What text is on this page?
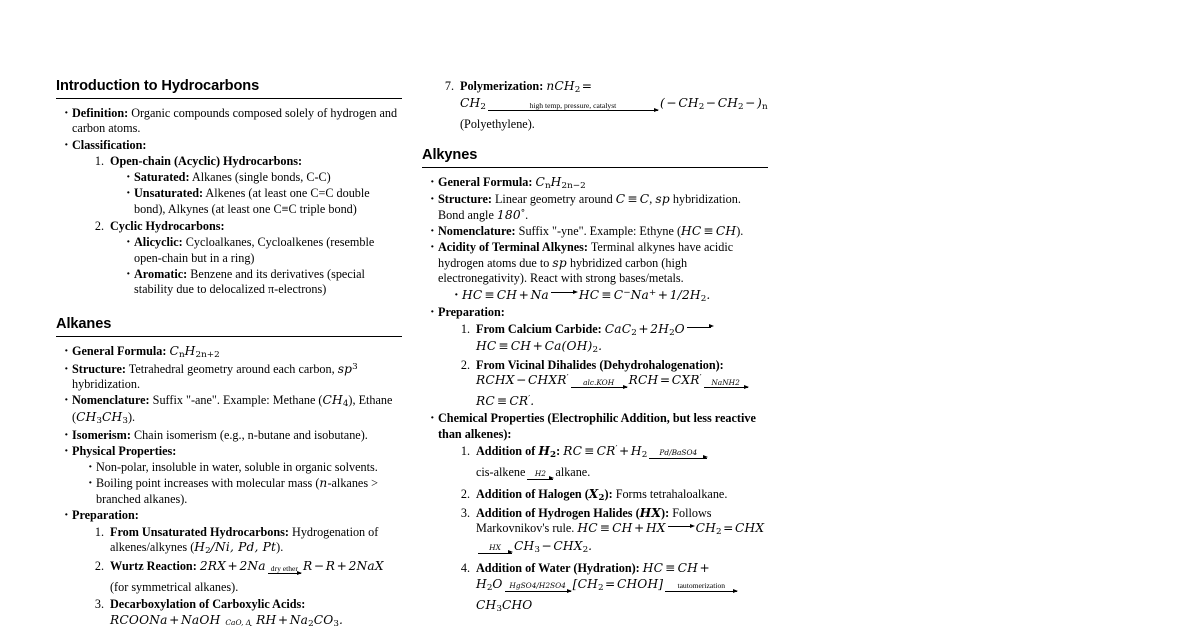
Introduction to Hydrocarbons
· Definition: Organic compounds composed solely of hydrogen and carbon atoms.
· Classification:
Open-chain (Acyclic) Hydrocarbons:
· Saturated: Alkanes (single bonds, C-C)
· Unsaturated: Alkenes (at least one C=C double bond), Alkynes (at least one C≡C triple bond)
Cyclic Hydrocarbons:
· Alicyclic: Cycloalkanes, Cycloalkenes (resemble open-chain but in a ring)
· Aromatic: Benzene and its derivatives (special stability due to delocalized π-electrons)
Alkanes
· General Formula: $C_nH_{2n+2}$
· Structure: Tetrahedral geometry around each carbon, $sp^3$ hybridization.
· Nomenclature: Suffix "-ane". Example: Methane $(CH_4)$, Ethane $(CH_3CH_3)$.
· Isomerism: Chain isomerism (e.g., n-butane and isobutane).
· Physical Properties:
· Non-polar, insoluble in water, soluble in organic solvents.
· Boiling point increases with molecular mass (n-alkanes > branched alkanes).
· Preparation:
From Unsaturated Hydrocarbons: Hydrogenation of alkenes/alkynes ($H_2/Ni$, Pd, Pt).
Wurtz Reaction: 2RX + 2Na dry ether R − R + 2NaX (for symmetrical alkanes).
Decarboxylation of Carboxylic Acids: RCOONa + NaOH CaO, Δ RH + $Na_2CO_3$.
Polymerization: nCH$_2$ =
$CH_2$	high temp, pressure, catalyst	( − $CH_2 - CH_2 - )_n$
(Polyethylene).
Alkynes
· General Formula: $C_nH_{2n-2}$
· Structure: Linear geometry around C ≡ C, sp hybridization. Bond angle 180°.
· Nomenclature: Suffix "-yne". Example: Ethyne (HC ≡ CH).
· Acidity of Terminal Alkynes: Terminal alkynes have acidic hydrogen atoms due to sp hybridized carbon (high electronegativity). React with strong bases/metals.
· HC ≡ CH + Na HC ≡ $C^-Na^+ + 1/2H_2$.
· Preparation:
From Calcium Carbide: $CaC_2 + 2H_2OHC$ ≡ CH + $Ca(OH)_2$.
From Vicinal Dihalides (Dehydrohalogenation):
RCHX − CHXR′	alc.KOH	RCH = CXR′	NaNH2
RC ≡ CR′.
· Chemical Properties (Electrophilic Addition, but less reactive than alkenes):
Addition of $H_2$: RC ≡ $CR' + H_2$	Pd/BaSO4

cis-alkene	H2 alkane.
Addition of Halogen $(X_2)$: Forms tetrahaloalkane.
Addition of Hydrogen Halides (HX): Follows Markovnikov's rule. HC ≡ CH + HX $CH_2$ = CHX
HX	$CH_3 - CHX_2$.
Addition of Water (Hydration): HC ≡ CH +
$H_2O$ HgSO4/H2SO4 [$CH_2$ = CHOH]	tautomerization

$CH_3CHO$
